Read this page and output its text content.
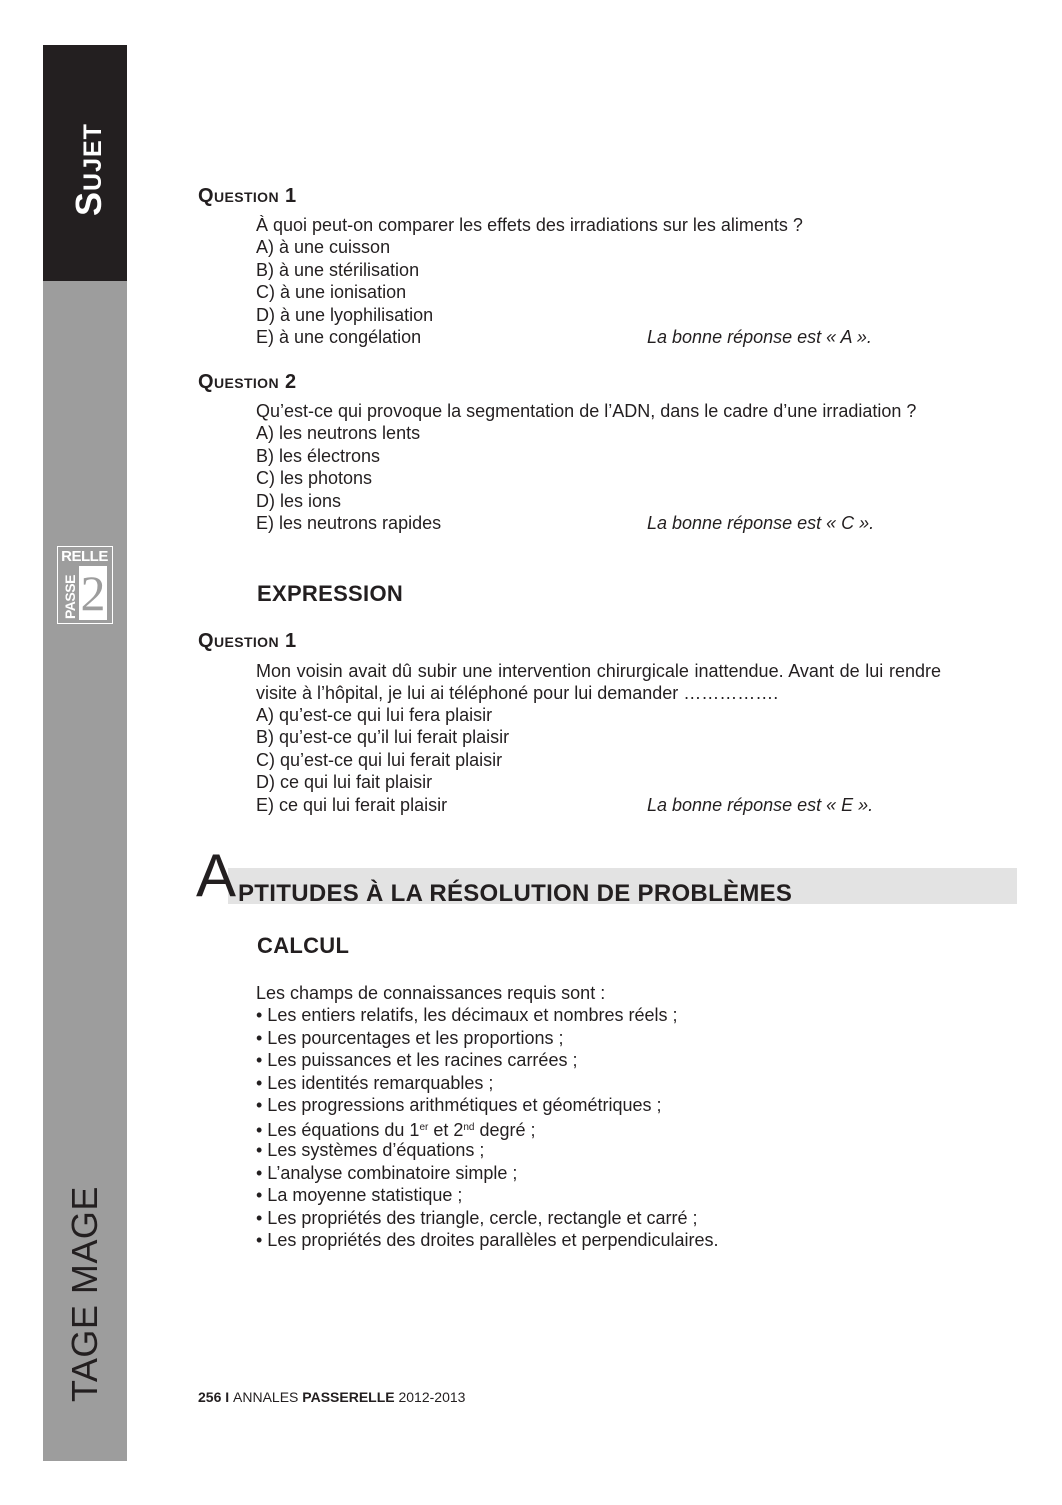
Sujet
TAGE MAGE
RELLE
PASSE 2
Question 1
À quoi peut-on comparer les effets des irradiations sur les aliments ?
A) à une cuisson
B) à une stérilisation
C) à une ionisation
D) à une lyophilisation
E) à une congélation	La bonne réponse est « A ».
Question 2
Qu’est-ce qui provoque la segmentation de l’ADN, dans le cadre d’une irradiation ?
A) les neutrons lents
B) les électrons
C) les photons
D) les ions
E) les neutrons rapides	La bonne réponse est « C ».
EXPRESSION
Question 1
Mon voisin avait dû subir une intervention chirurgicale inattendue. Avant de lui rendre visite à l’hôpital, je lui ai téléphoné pour lui demander …………….
A) qu’est-ce qui lui fera plaisir
B) qu’est-ce qu’il lui ferait plaisir
C) qu’est-ce qui lui ferait plaisir
D) ce qui lui fait plaisir
E) ce qui lui ferait plaisir	La bonne réponse est « E ».
A PTITUDES À LA RÉSOLUTION DE PROBLÈMES
CALCUL
Les champs de connaissances requis sont :
• Les entiers relatifs, les décimaux et nombres réels ;
• Les pourcentages et les proportions ;
• Les puissances et les racines carrées ;
• Les identités remarquables ;
• Les progressions arithmétiques et géométriques ;
• Les équations du 1er et 2nd degré ;
• Les systèmes d’équations ;
• L’analyse combinatoire simple ;
• La moyenne statistique ;
• Les propriétés des triangle, cercle, rectangle et carré ;
• Les propriétés des droites parallèles et perpendiculaires.
256 I ANNALES PASSERELLE 2012-2013
